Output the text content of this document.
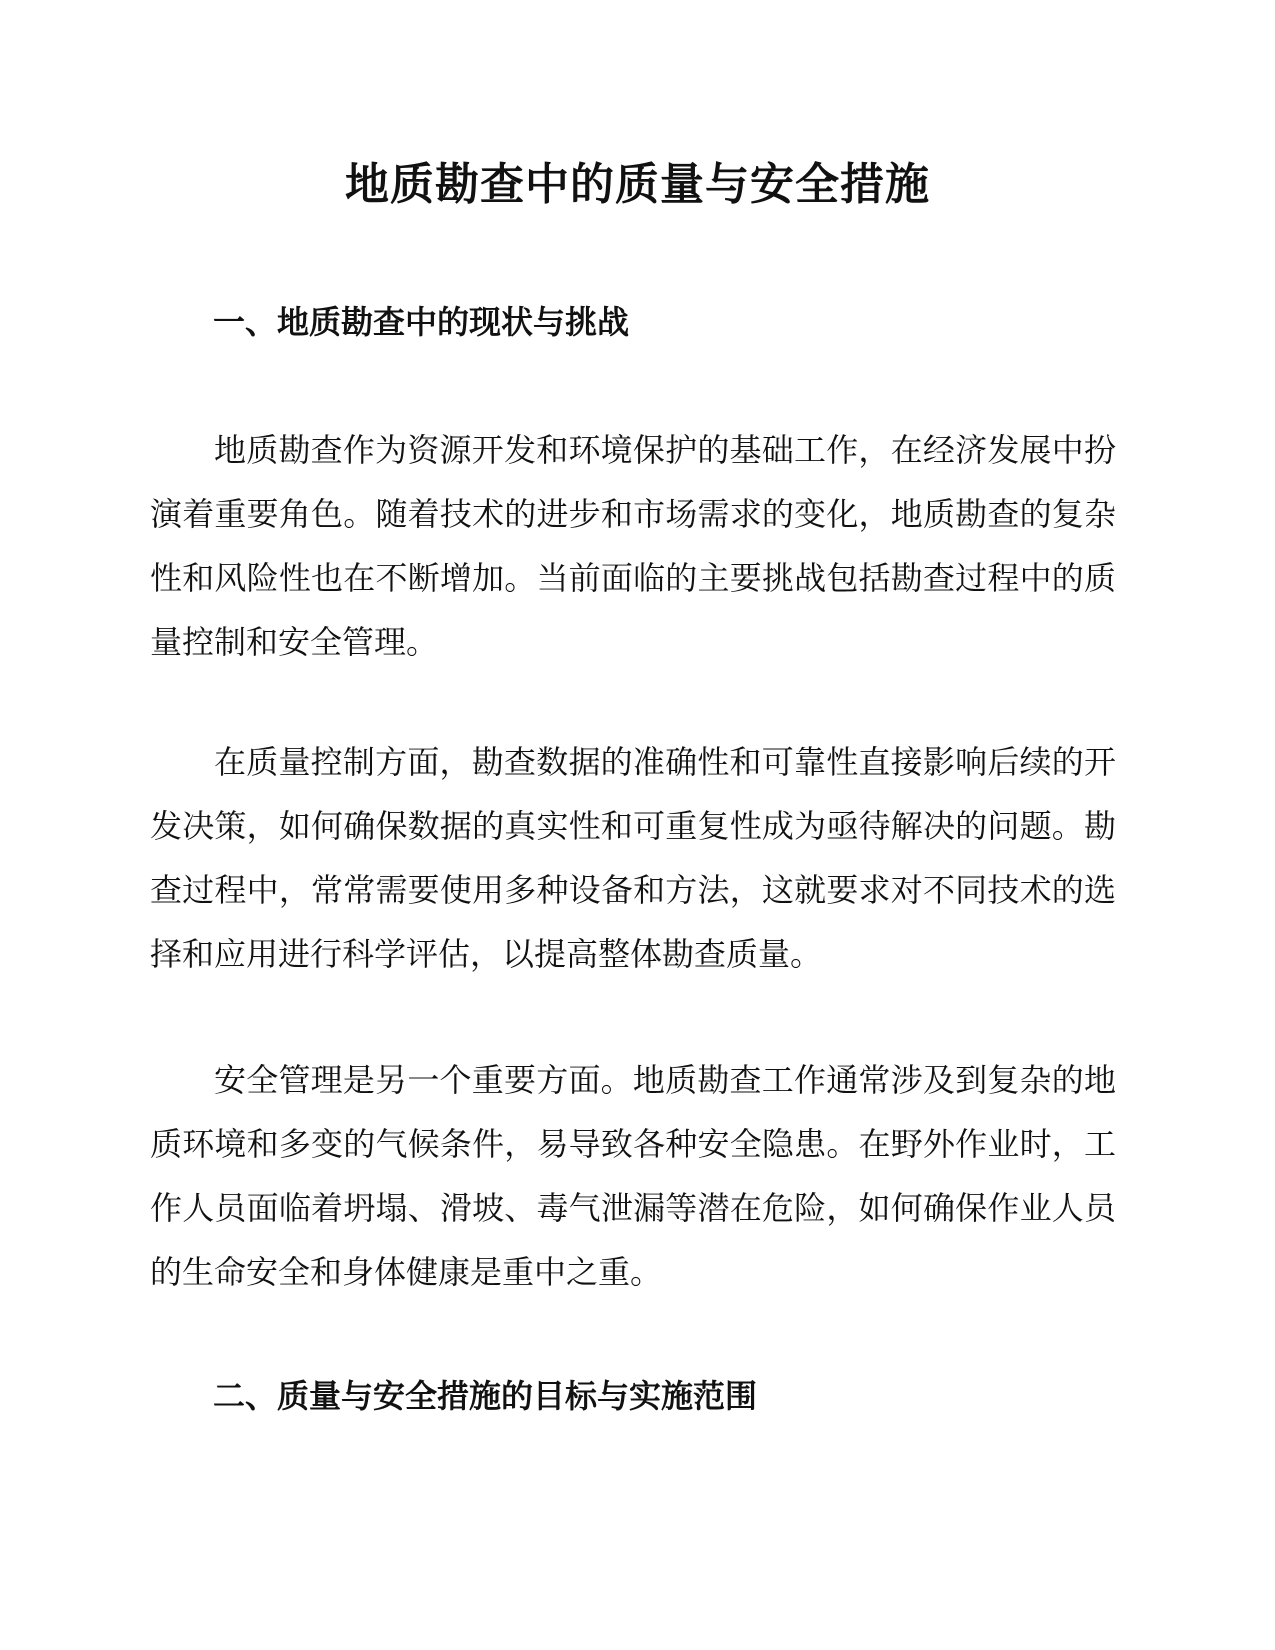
地质勘查中的质量与安全措施
一、地质勘查中的现状与挑战

地质勘查作为资源开发和环境保护的基础工作，在经济发展中扮演着重要角色。随着技术的进步和市场需求的变化，地质勘查的复杂性和风险性也在不断增加。当前面临的主要挑战包括勘查过程中的质量控制和安全管理。

在质量控制方面，勘查数据的准确性和可靠性直接影响后续的开发决策，如何确保数据的真实性和可重复性成为亟待解决的问题。勘查过程中，常常需要使用多种设备和方法，这就要求对不同技术的选择和应用进行科学评估，以提高整体勘查质量。

安全管理是另一个重要方面。地质勘查工作通常涉及到复杂的地质环境和多变的气候条件，易导致各种安全隐患。在野外作业时，工作人员面临着坍塌、滑坡、毒气泄漏等潜在危险，如何确保作业人员的生命安全和身体健康是重中之重。

二、质量与安全措施的目标与实施范围
